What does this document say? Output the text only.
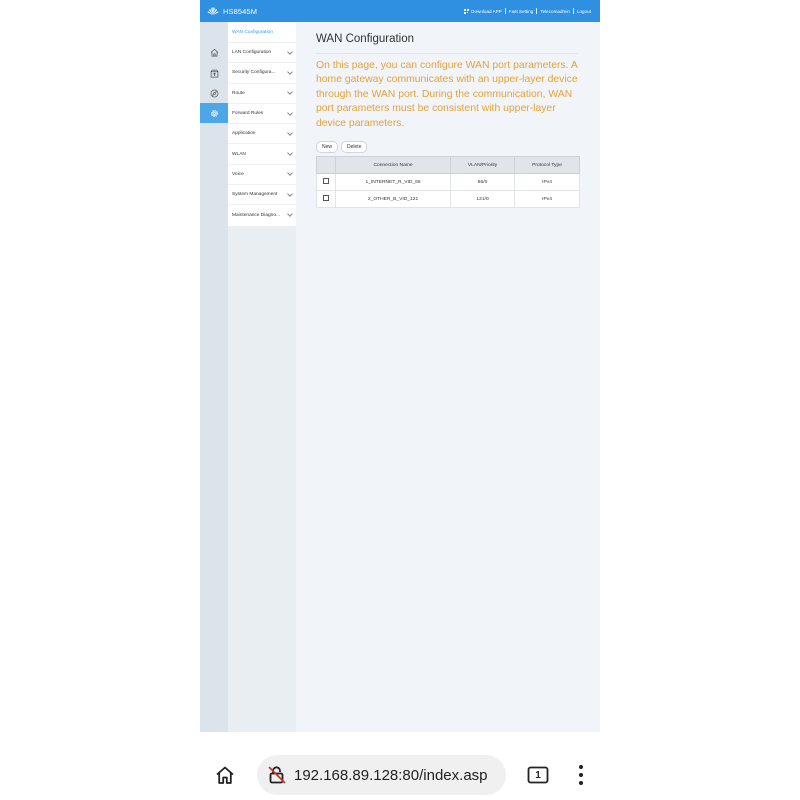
HS8545M	Download APP	Fast Setting	Telecomadmin	Logout
WAN Configuration
LAN Configuration
Security Configura...
Route
Forward Rules
Application
WLAN
Voice
System Management
Maintenance Diagno...
WAN Configuration
On this page, you can configure WAN port parameters. A home gateway communicates with an upper-layer device through the WAN port. During the communication, WAN port parameters must be consistent with upper-layer device parameters.
New	Delete
	Connection Name	VLAN/Priority	Protocol Type
	1_INTERNET_R_VID_66	66/0	IPv4
	2_OTHER_B_VID_121	121/0	IPv4
192.168.89.128:80/index.asp	1
